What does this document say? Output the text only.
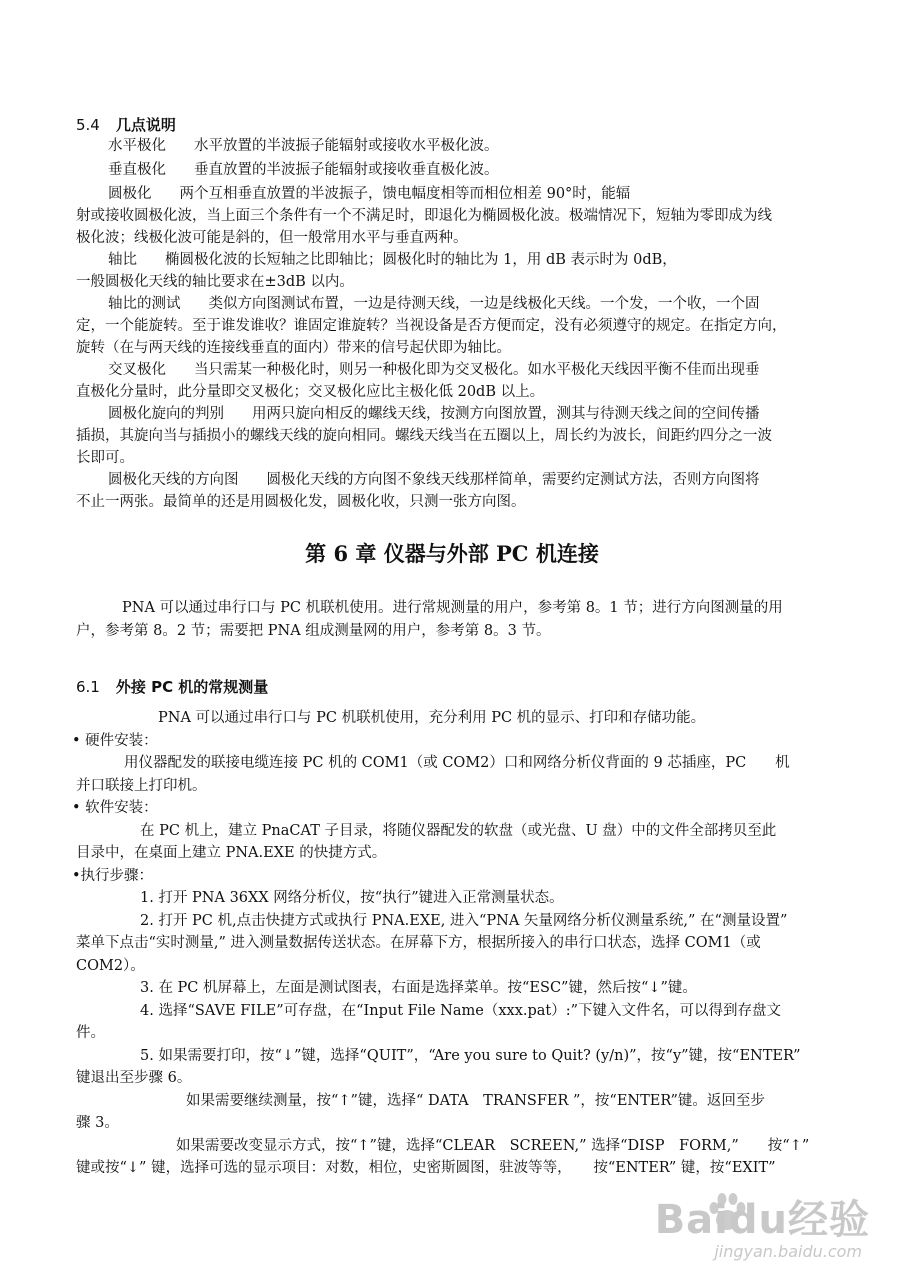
5.4 几点说明
水平极化 水平放置的半波振子能辐射或接收水平极化波。
垂直极化 垂直放置的半波振子能辐射或接收垂直极化波。
圆极化 两个互相垂直放置的半波振子，馈电幅度相等而相位相差 90°时，能辐
射或接收圆极化波，当上面三个条件有一个不满足时，即退化为椭圆极化波。极端情况下，短轴为零即成为线
极化波；线极化波可能是斜的，但一般常用水平与垂直两种。
轴比 椭圆极化波的长短轴之比即轴比；圆极化时的轴比为 1，用 dB 表示时为 0dB，
一般圆极化天线的轴比要求在±3dB 以内。
轴比的测试 类似方向图测试布置，一边是待测天线，一边是线极化天线。一个发，一个收，一个固
定，一个能旋转。至于谁发谁收？谁固定谁旋转？当视设备是否方便而定，没有必须遵守的规定。在指定方向，
旋转（在与两天线的连接线垂直的面内）带来的信号起伏即为轴比。
交叉极化 当只需某一种极化时，则另一种极化即为交叉极化。如水平极化天线因平衡不佳而出现垂
直极化分量时，此分量即交叉极化；交叉极化应比主极化低 20dB 以上。
圆极化旋向的判别 用两只旋向相反的螺线天线，按测方向图放置，测其与待测天线之间的空间传播
插损，其旋向当与插损小的螺线天线的旋向相同。螺线天线当在五圈以上，周长约为波长，间距约四分之一波
长即可。
圆极化天线的方向图 圆极化天线的方向图不象线天线那样简单，需要约定测试方法，否则方向图将
不止一两张。最简单的还是用圆极化发，圆极化收，只测一张方向图。
第 6 章 仪器与外部 PC 机连接
PNA 可以通过串行口与 PC 机联机使用。进行常规测量的用户，参考第 8。1 节；进行方向图测量的用
户，参考第 8。2 节；需要把 PNA 组成测量网的用户，参考第 8。3 节。
6.1 外接 PC 机的常规测量
PNA 可以通过串行口与 PC 机联机使用，充分利用 PC 机的显示、打印和存储功能。
• 硬件安装：
用仪器配发的联接电缆连接 PC 机的 COM1（或 COM2）口和网络分析仪背面的 9 芯插座，PC　　机
并口联接上打印机。
• 软件安装：
在 PC 机上，建立 PnaCAT 子目录，将随仪器配发的软盘（或光盘、U 盘）中的文件全部拷贝至此
目录中，在桌面上建立 PNA.EXE 的快捷方式。
•执行步骤：
1. 打开 PNA 36XX 网络分析仪，按“执行”键进入正常测量状态。
2. 打开 PC 机,点击快捷方式或执行 PNA.EXE, 进入“PNA 矢量网络分析仪测量系统,” 在“测量设置”
菜单下点击“实时测量,” 进入测量数据传送状态。在屏幕下方，根据所接入的串行口状态，选择 COM1（或
COM2）。
3. 在 PC 机屏幕上，左面是测试图表，右面是选择菜单。按“ESC”键，然后按“↓”键。
4. 选择“SAVE FILE”可存盘，在“Input File Name（xxx.pat）:”下键入文件名，可以得到存盘文
件。
5. 如果需要打印，按“↓”键，选择“QUIT”，“Are you sure to Quit? (y/n)”，按“y”键，按“ENTER”
键退出至步骤 6。
如果需要继续测量，按“↑”键，选择“ DATA　TRANSFER ”，按“ENTER”键。返回至步
骤 3。
如果需要改变显示方式，按“↑”键，选择“CLEAR　SCREEN,” 选择“DISP　FORM,”　　按“↑”
键或按“↓” 键，选择可选的显示项目：对数，相位，史密斯圆图，驻波等等，　　按“ENTER” 键，按“EXIT”
Baidu经验
jingyan.baidu.com
